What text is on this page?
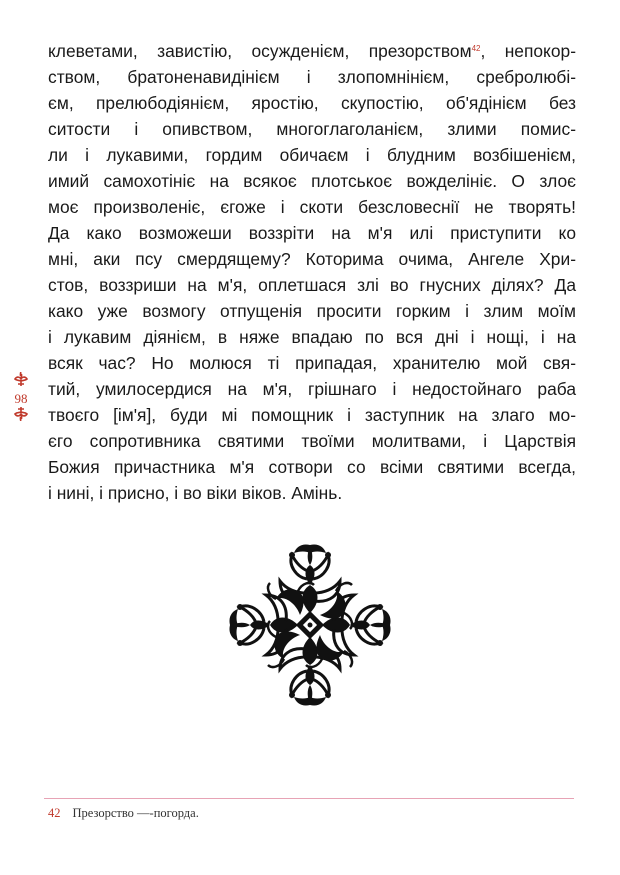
клеветами, завистію, осужденієм, презорством$^{42}$, непокор-
ством, братоненавидінієм і злопомнінієм, сребролюбі-
єм, прелюбодіянієм, яростію, скупостію, об'ядінієм без
ситости і опивством, многоглаголанієм, злими помис-
ли і лукавими, гордим обичаєм і блудним возбішенієм,
имий самохотініє на всякоє плотськоє вожделініє. О злоє
моє произволеніє, єгоже і скоти безсловеснії не творять!
Да како возможеши воззріти на м'я илі приступити ко
мні, аки псу смердящему? Которима очима, Ангеле Хри-
стов, воззриши на м'я, оплетшася злі во гнусних ділях? Да
како уже возмогу отпущенія просити горким і злим моїм
і лукавим діянієм, в няже впадаю по вся дні і нощі, і на
всяк час? Но молюся ті припадая, хранителю мой свя-
тий, умилосердися на м'я, грішнаго і недостойнаго раба
твоєго [ім'я], буди мі помощник і заступник на злаго мо-
єго сопротивника святими твоїми молитвами, і Царствія
Божия причастника м'я сотвори со всіми святими всегда,
і нині, і присно, і во віки віков. Амінь.
98
42 Презорство —-погорда.
